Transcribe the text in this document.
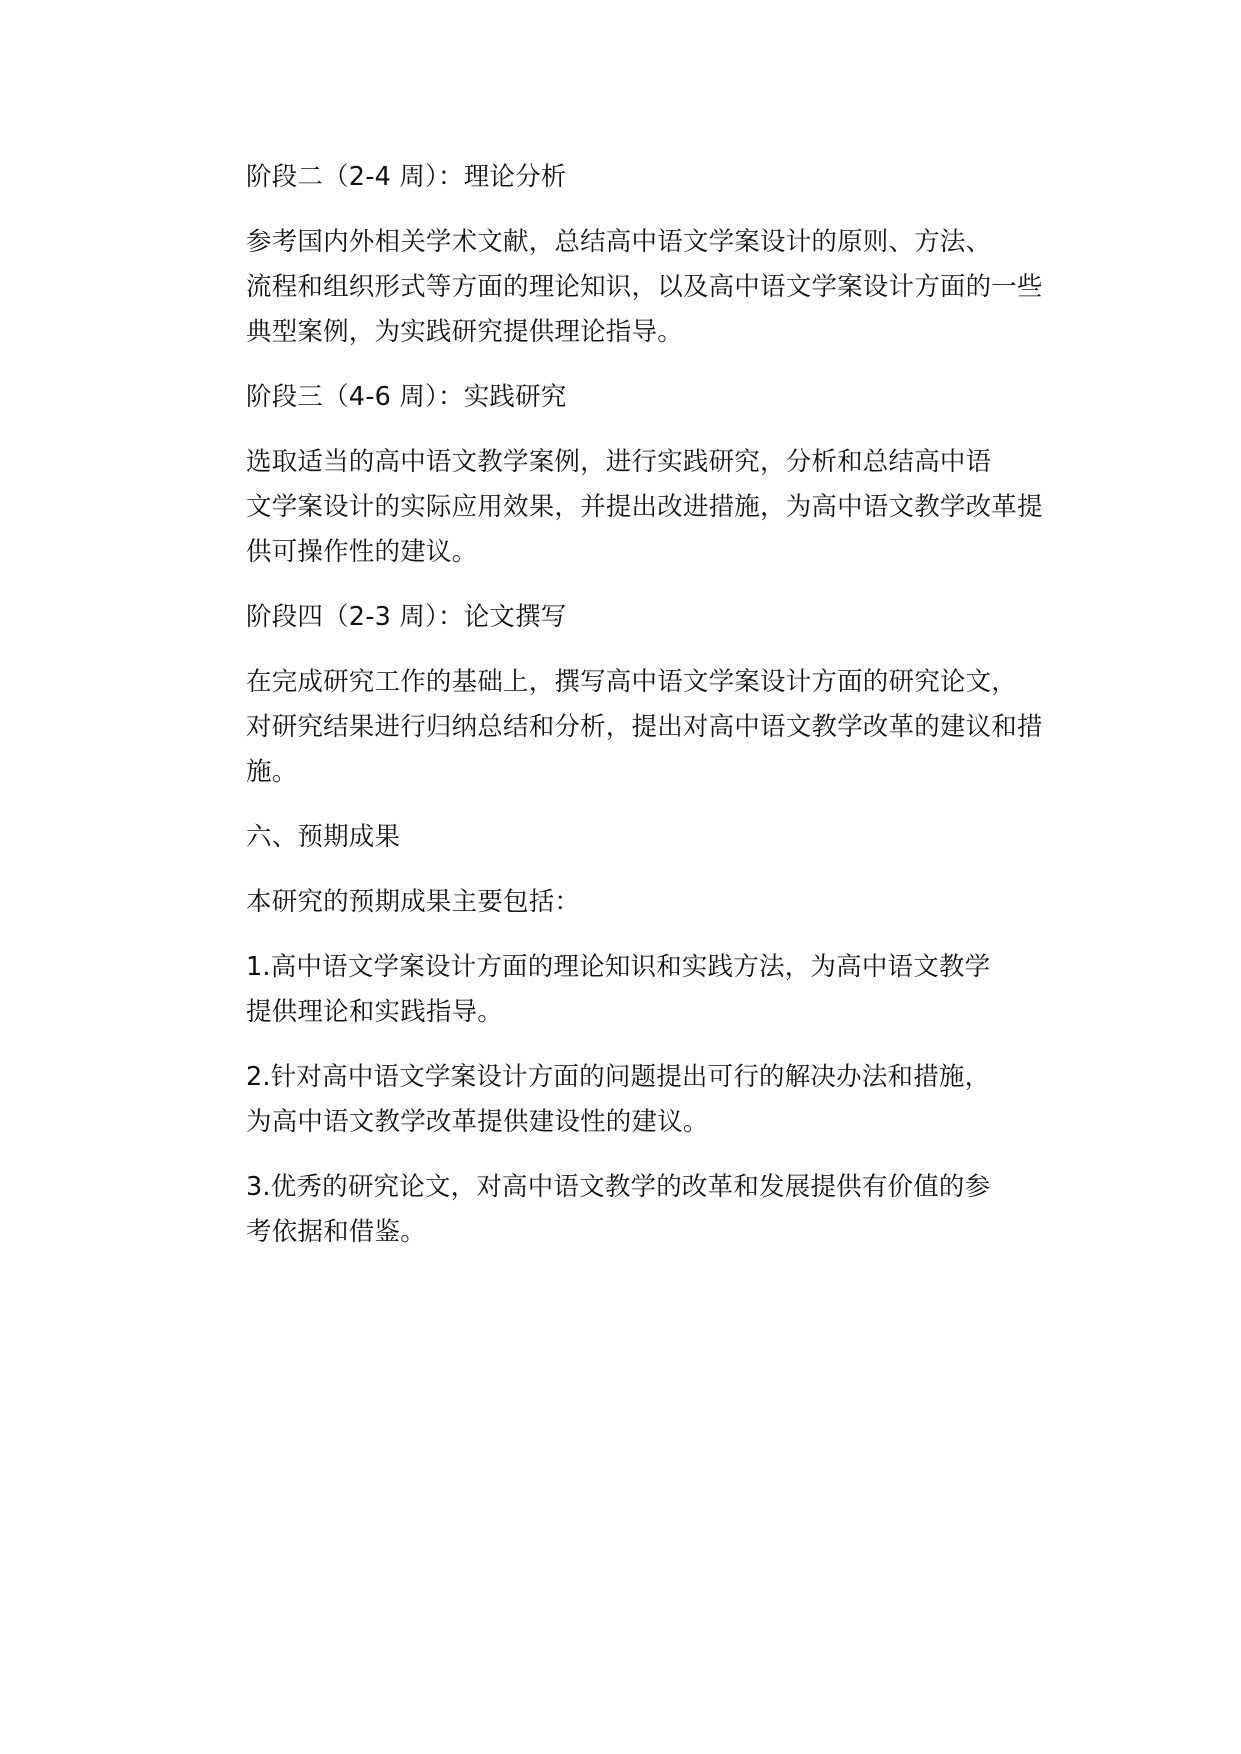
阶段二（2-4 周）：理论分析

参考国内外相关学术文献，总结高中语文学案设计的原则、方法、
流程和组织形式等方面的理论知识，以及高中语文学案设计方面的一些
典型案例，为实践研究提供理论指导。

阶段三（4-6 周）：实践研究

选取适当的高中语文教学案例，进行实践研究，分析和总结高中语
文学案设计的实际应用效果，并提出改进措施，为高中语文教学改革提
供可操作性的建议。

阶段四（2-3 周）：论文撰写

在完成研究工作的基础上，撰写高中语文学案设计方面的研究论文，
对研究结果进行归纳总结和分析，提出对高中语文教学改革的建议和措
施。

六、预期成果

本研究的预期成果主要包括：

1.高中语文学案设计方面的理论知识和实践方法，为高中语文教学
提供理论和实践指导。

2.针对高中语文学案设计方面的问题提出可行的解决办法和措施，
为高中语文教学改革提供建设性的建议。

3.优秀的研究论文，对高中语文教学的改革和发展提供有价值的参
考依据和借鉴。
